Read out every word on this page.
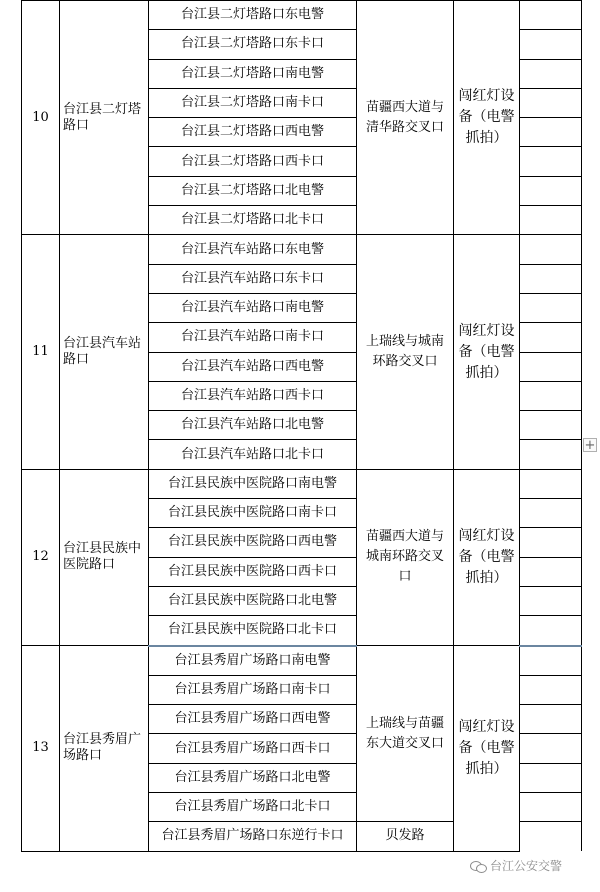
10	台江县二灯塔路口	台江县二灯塔路口东电警	苗疆西大道与清华路交叉口	闯红灯设备（电警抓拍）	
		台江县二灯塔路口东卡口			
		台江县二灯塔路口南电警			
		台江县二灯塔路口南卡口			
		台江县二灯塔路口西电警			
		台江县二灯塔路口西卡口			
		台江县二灯塔路口北电警			
		台江县二灯塔路口北卡口			
11	台江县汽车站路口	台江县汽车站路口东电警	上瑞线与城南环路交叉口	闯红灯设备（电警抓拍）	
		台江县汽车站路口东卡口			
		台江县汽车站路口南电警			
		台江县汽车站路口南卡口			
		台江县汽车站路口西电警			
		台江县汽车站路口西卡口			
		台江县汽车站路口北电警			
		台江县汽车站路口北卡口			
12	台江县民族中医院路口	台江县民族中医院路口南电警	苗疆西大道与城南环路交叉口	闯红灯设备（电警抓拍）	
		台江县民族中医院路口南卡口			
		台江县民族中医院路口西电警			
		台江县民族中医院路口西卡口			
		台江县民族中医院路口北电警			
		台江县民族中医院路口北卡口			
13	台江县秀眉广场路口	台江县秀眉广场路口南电警	上瑞线与苗疆东大道交叉口	闯红灯设备（电警抓拍）	
		台江县秀眉广场路口南卡口			
		台江县秀眉广场路口西电警			
		台江县秀眉广场路口西卡口			
		台江县秀眉广场路口北电警			
		台江县秀眉广场路口北卡口			
		台江县秀眉广场路口东逆行卡口	贝发路		
+
台江公安交警
